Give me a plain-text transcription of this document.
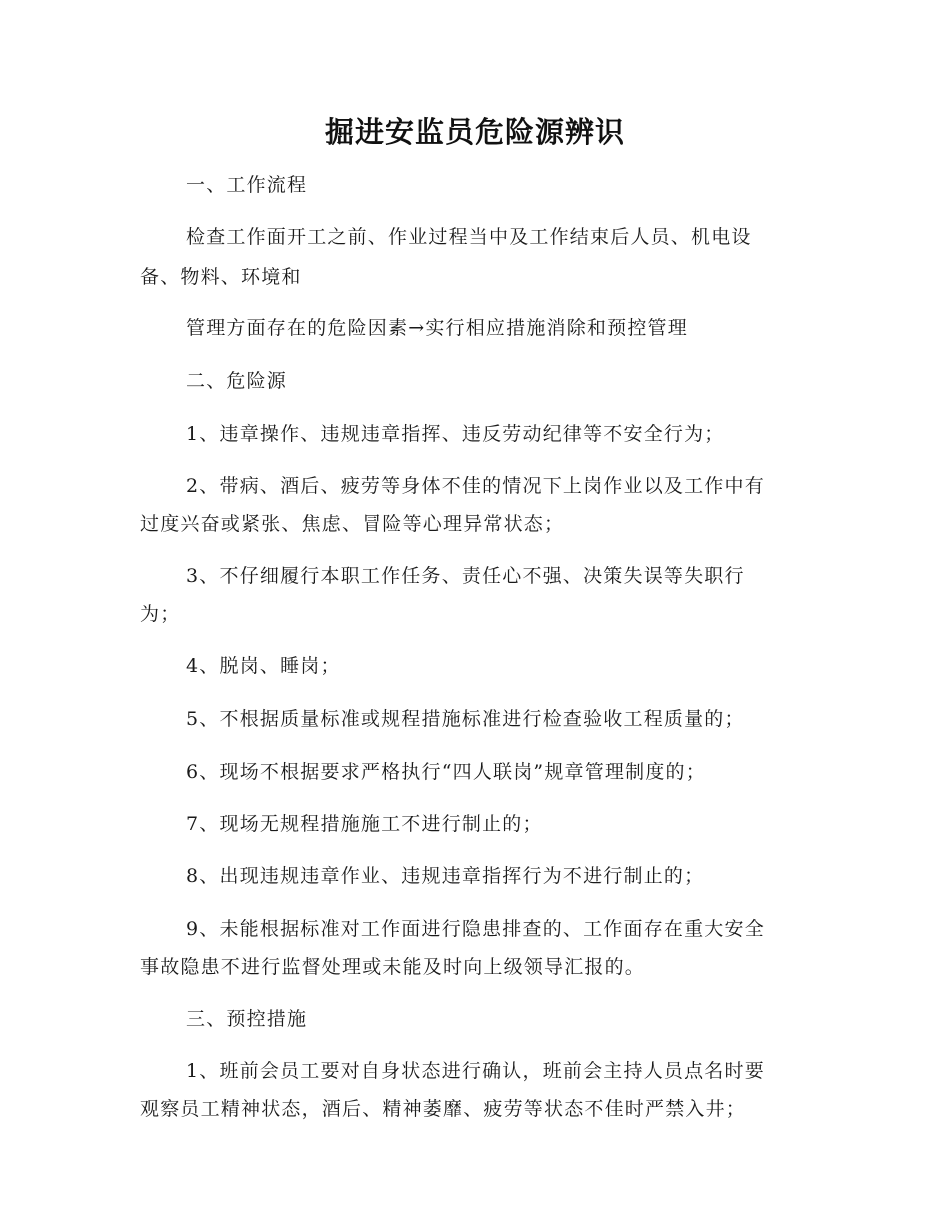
掘进安监员危险源辨识
一、工作流程
检查工作面开工之前、作业过程当中及工作结束后人员、机电设
备、物料、环境和
管理方面存在的危险因素→实行相应措施消除和预控管理
二、危险源
1、违章操作、违规违章指挥、违反劳动纪律等不安全行为；
2、带病、酒后、疲劳等身体不佳的情况下上岗作业以及工作中有
过度兴奋或紧张、焦虑、冒险等心理异常状态；
3、不仔细履行本职工作任务、责任心不强、决策失误等失职行
为；
4、脱岗、睡岗；
5、不根据质量标准或规程措施标准进行检查验收工程质量的；
6、现场不根据要求严格执行“四人联岗”规章管理制度的；
7、现场无规程措施施工不进行制止的；
8、出现违规违章作业、违规违章指挥行为不进行制止的；
9、未能根据标准对工作面进行隐患排查的、工作面存在重大安全
事故隐患不进行监督处理或未能及时向上级领导汇报的。
三、预控措施
1、班前会员工要对自身状态进行确认，班前会主持人员点名时要
观察员工精神状态，酒后、精神萎靡、疲劳等状态不佳时严禁入井；
